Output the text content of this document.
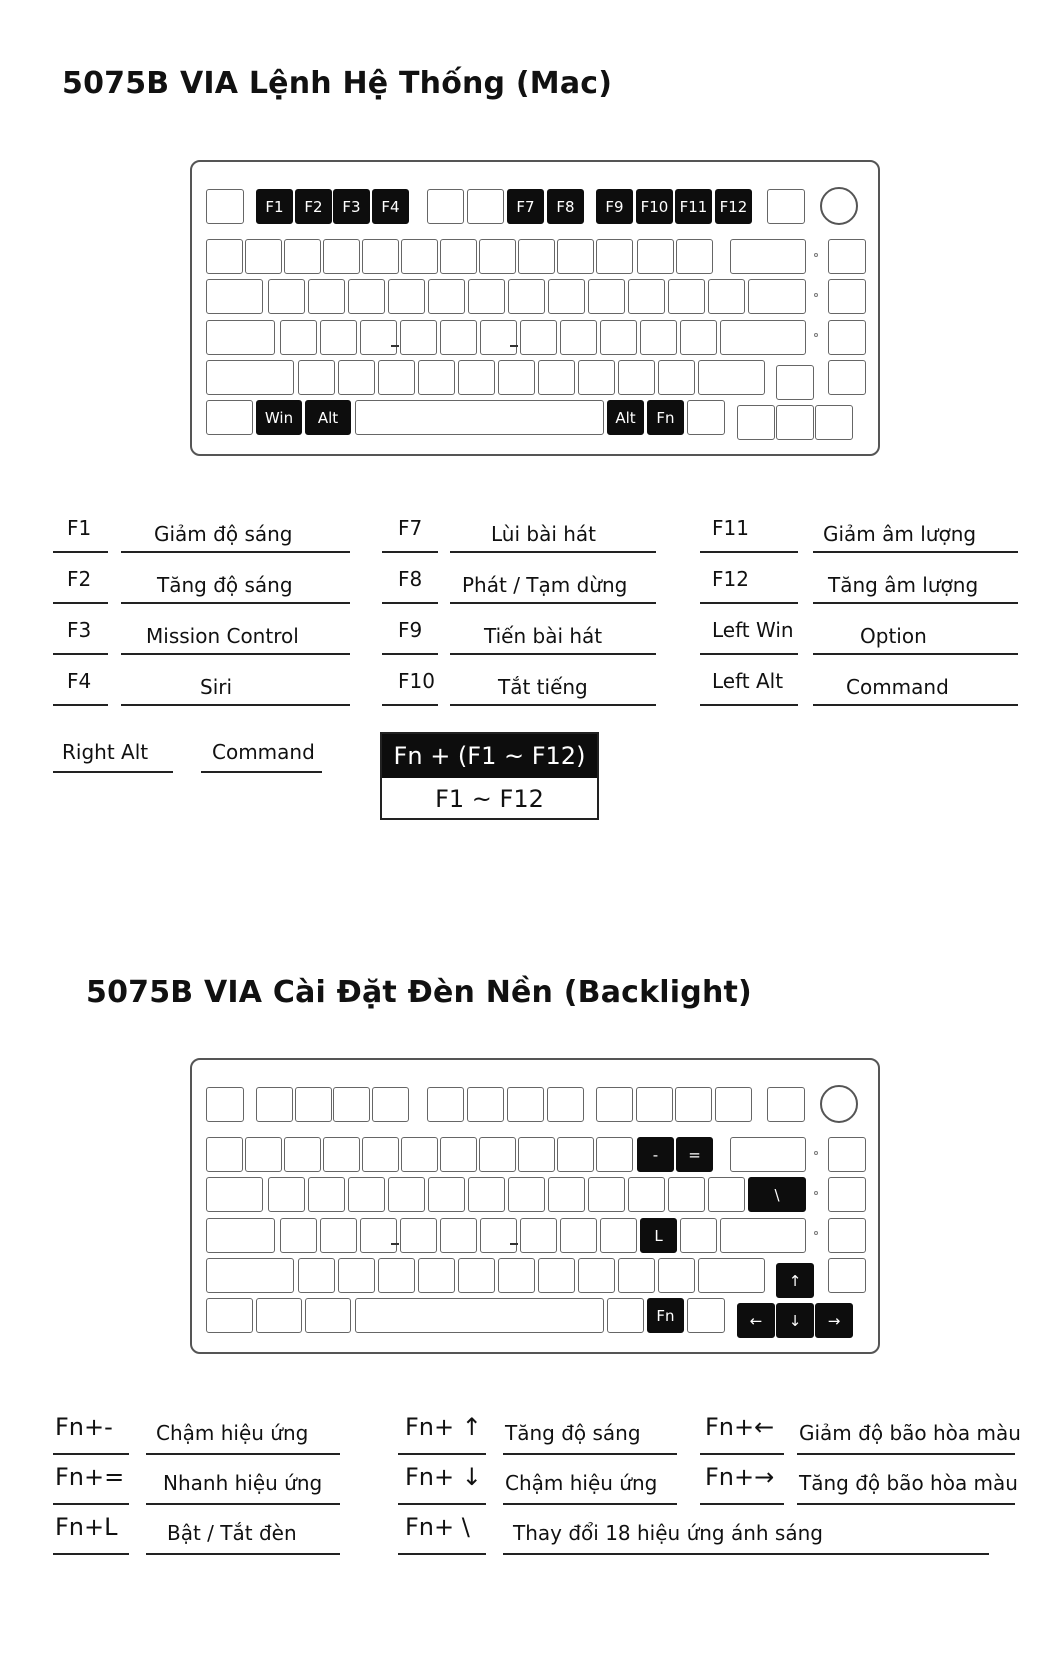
5075B VIA Lệnh Hệ Thống (Mac)
F1	F2	F3	F4	F7	F8	F9	F10 F11 F12
Win	Alt	Alt	Fn
F1	Giảm độ sáng
F2	Tăng độ sáng
F3	Mission Control
F4	Siri
F7	Lùi bài hát
F8 Phát / Tạm dừng
F9	Tiến bài hát
F10	Tắt tiếng
F11	Giảm âm lượng
F12	Tăng âm lượng
Left Win	Option
Left Alt	Command
Right Alt	Command	Fn + (F1 ~ F12)
F1 ~ F12
5075B VIA Cài Đặt Đèn Nền (Backlight)
-	=
\
L
Fn
↑
←	↓	→
Fn+- Chậm hiệu ứng
Fn+= Nhanh hiệu ứng
Fn+L Bật / Tắt đèn
Fn+ ↑ Tăng độ sáng
Fn+ ↓ Chậm hiệu ứng
Fn+ \ Thay đổi 18 hiệu ứng ánh sáng
Fn+← Giảm độ bão hòa màu
Fn+→ Tăng độ bão hòa màu
